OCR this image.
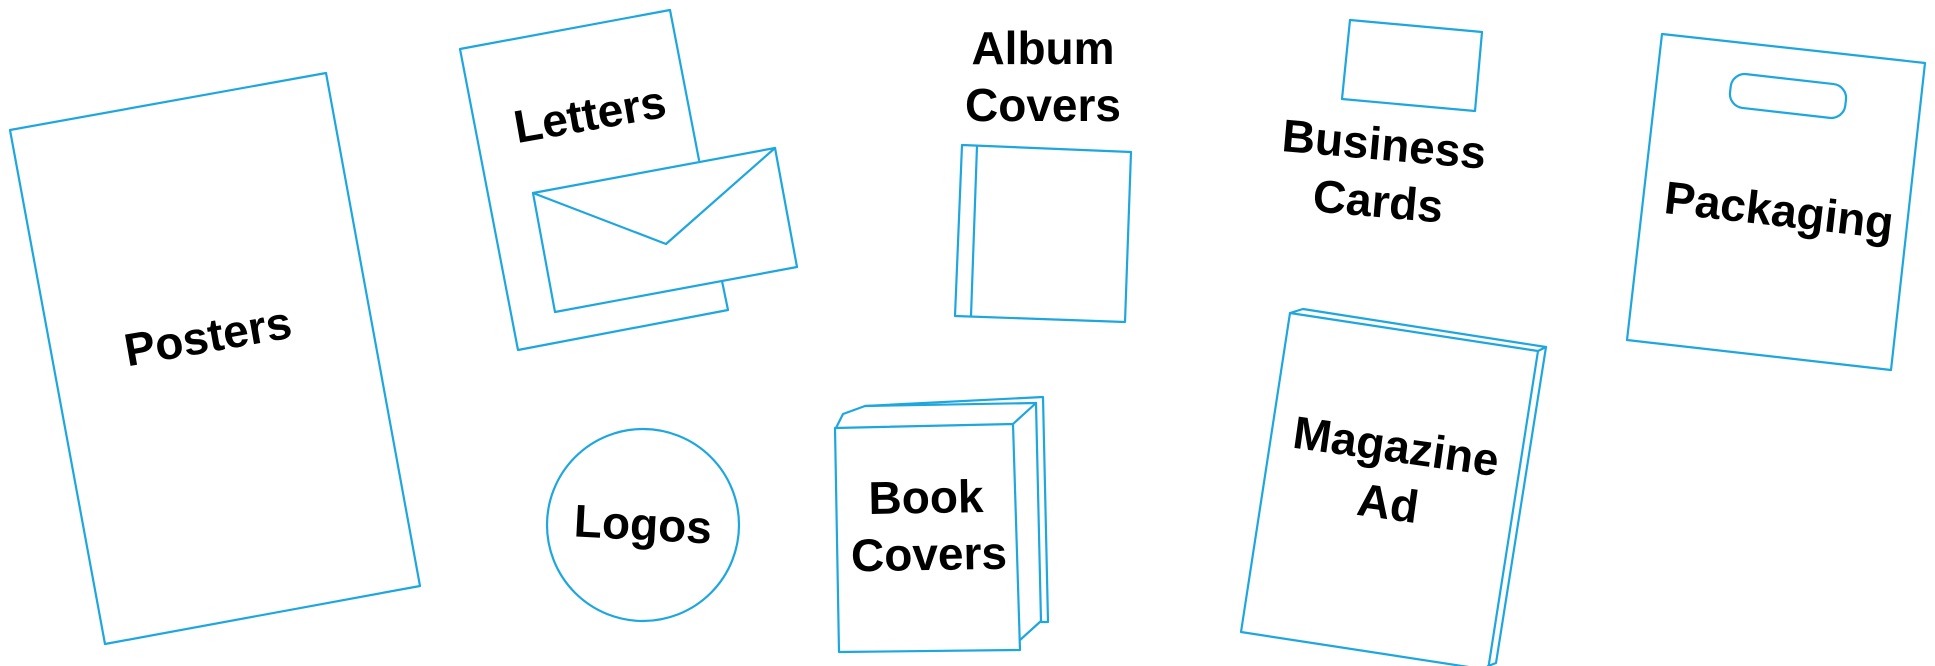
Posters
Letters
Album
Covers
Business
Cards	Packaging
Logos	Book
Covers
Magazine
Ad
